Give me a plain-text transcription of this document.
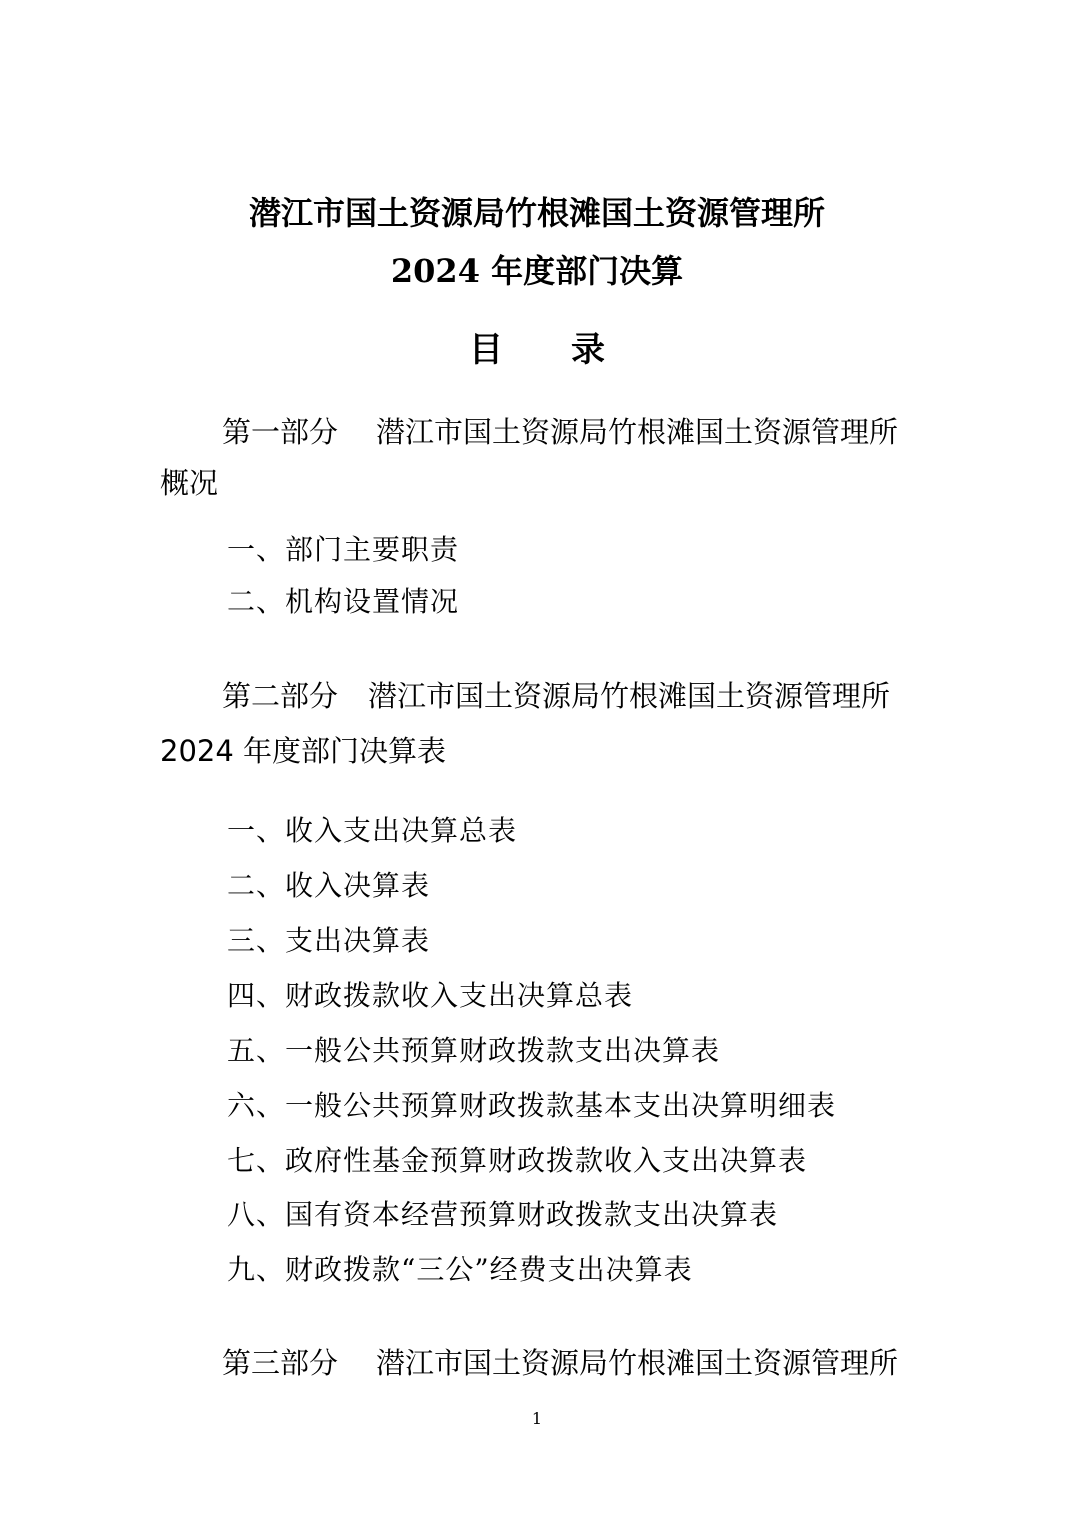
潜江市国土资源局竹根滩国土资源管理所
2024 年度部门决算
目　　录
第一部分 潜江市国土资源局竹根滩国土资源管理所
概况
一、部门主要职责
二、机构设置情况
第二部分 潜江市国土资源局竹根滩国土资源管理所
2024 年度部门决算表
一、收入支出决算总表
二、收入决算表
三、支出决算表
四、财政拨款收入支出决算总表
五、一般公共预算财政拨款支出决算表
六、一般公共预算财政拨款基本支出决算明细表
七、政府性基金预算财政拨款收入支出决算表
八、国有资本经营预算财政拨款支出决算表
九、财政拨款“三公”经费支出决算表
第三部分 潜江市国土资源局竹根滩国土资源管理所
1
